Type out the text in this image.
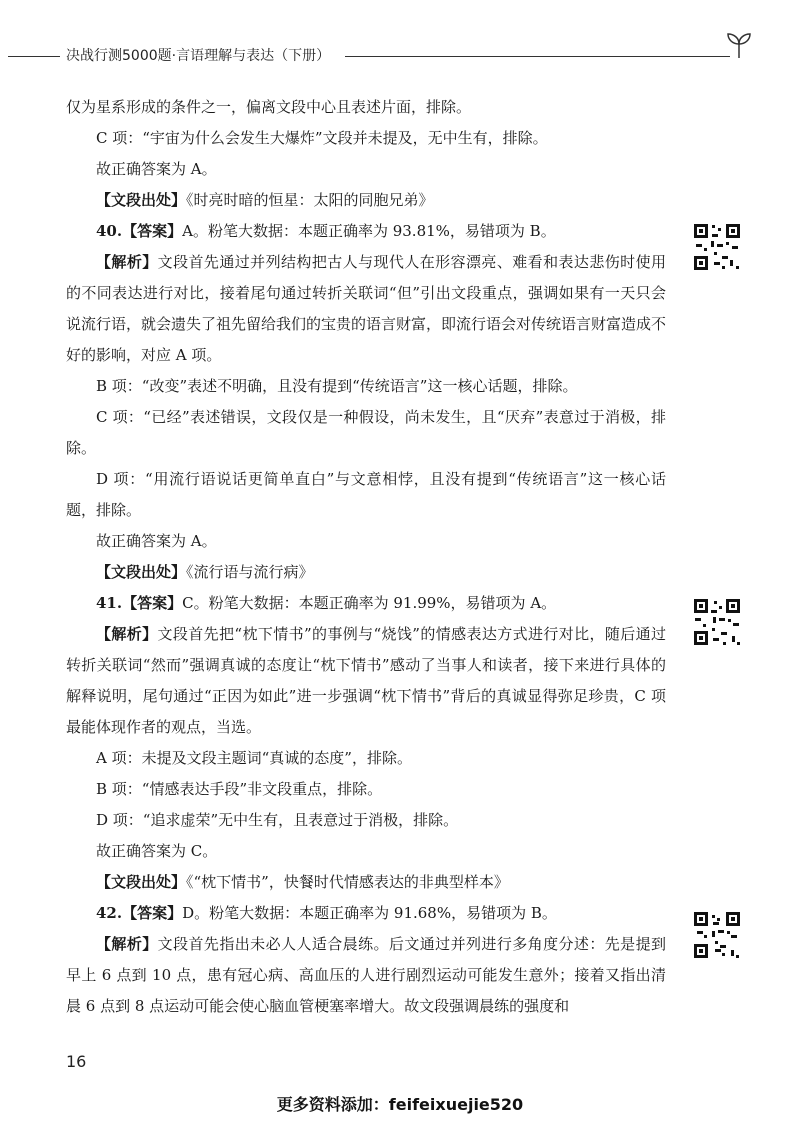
决战行测5000题·言语理解与表达（下册）

仅为星系形成的条件之一，偏离文段中心且表述片面，排除。

C 项：“宇宙为什么会发生大爆炸”文段并未提及，无中生有，排除。

故正确答案为 A。

【文段出处】《时亮时暗的恒星：太阳的同胞兄弟》

40.【答案】A。粉笔大数据：本题正确率为 93.81%，易错项为 B。

【解析】文段首先通过并列结构把古人与现代人在形容漂亮、难看和表达悲伤时使用的不同表达进行对比，接着尾句通过转折关联词“但”引出文段重点，强调如果有一天只会说流行语，就会遗失了祖先留给我们的宝贵的语言财富，即流行语会对传统语言财富造成不好的影响，对应 A 项。

B 项：“改变”表述不明确，且没有提到“传统语言”这一核心话题，排除。

C 项：“已经”表述错误，文段仅是一种假设，尚未发生，且“厌弃”表意过于消极，排除。

D 项：“用流行语说话更简单直白”与文意相悖，且没有提到“传统语言”这一核心话题，排除。

故正确答案为 A。

【文段出处】《流行语与流行病》

41.【答案】C。粉笔大数据：本题正确率为 91.99%，易错项为 A。

【解析】文段首先把“枕下情书”的事例与“烧饯”的情感表达方式进行对比，随后通过转折关联词“然而”强调真诚的态度让“枕下情书”感动了当事人和读者，接下来进行具体的解释说明，尾句通过“正因为如此”进一步强调“枕下情书”背后的真诚显得弥足珍贵，C 项最能体现作者的观点，当选。

A 项：未提及文段主题词“真诚的态度”，排除。

B 项：“情感表达手段”非文段重点，排除。

D 项：“追求虚荣”无中生有，且表意过于消极，排除。

故正确答案为 C。

【文段出处】《“枕下情书”，快餐时代情感表达的非典型样本》

42.【答案】D。粉笔大数据：本题正确率为 91.68%，易错项为 B。

【解析】文段首先指出未必人人适合晨练。后文通过并列进行多角度分述：先是提到早上 6 点到 10 点，患有冠心病、高血压的人进行剧烈运动可能发生意外；接着又指出清晨 6 点到 8 点运动可能会使心脑血管梗塞率增大。故文段强调晨练的强度和

16
更多资料添加：feifeixuejie520
